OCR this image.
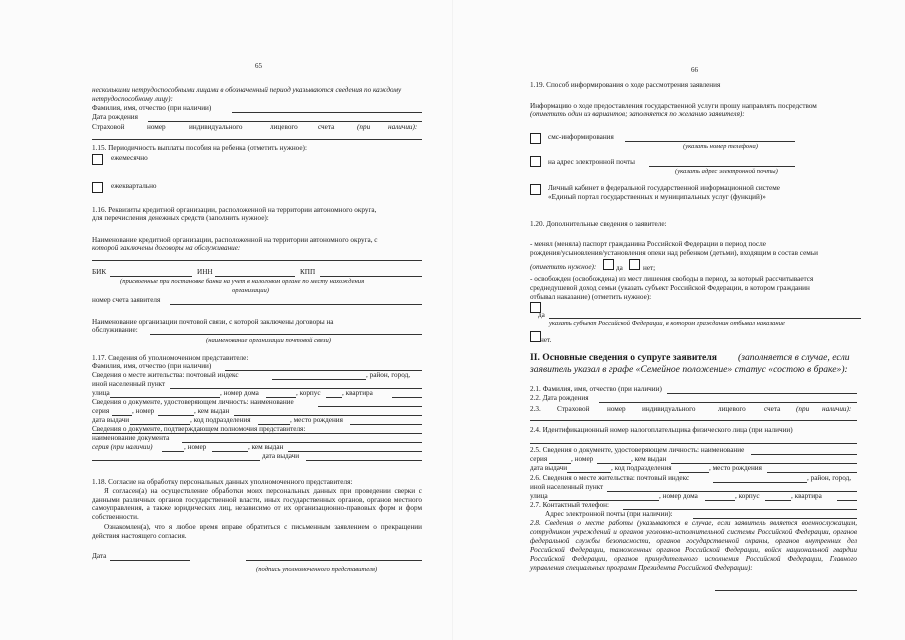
65
несколькими нетрудоспособными лицами в обозначенный период указываются сведения по каждому нетрудоспособному лицу):
Фамилия, имя, отчество (при наличии)
Дата рождения
Страховой	номер	индивидуального	лицевого	счета	(при наличии):
1.15. Периодичность выплаты пособия на ребенка (отметить нужное):
ежемесячно
ежеквартально
1.16. Реквизиты кредитной организации, расположенной на территории автономного округа,
для перечисления денежных средств (заполнить нужное):
Наименование кредитной организации, расположенной на территории автономного округа, с
которой заключены договоры на обслуживание:
БИК	ИНН	КПП
(присвоенные при постановке банка на учет в налоговом органе по месту нахождения
организации)
номер счета заявителя
Наименование организации почтовой связи, с которой заключены договоры на
обслуживание:
(наименование организации почтовой связи)
1.17. Сведения об уполномоченном представителе:
Фамилия, имя, отчество (при наличии)
Сведения о месте жительства: почтовый индекс	, район, город,
иной населенный пункт
улица	, номер дома	, корпус	, квартира
Сведения о документе, удостоверяющем личность: наименование
серия	, номер	, кем выдан
дата выдачи	, код подразделения	, место рождения
Сведения о документе, подтверждающем полномочия представителя:
наименование документа
серия (при наличии)	, номер	, кем выдан
дата выдачи
1.18. Согласие на обработку персональных данных уполномоченного представителя:
Я согласен(а) на осуществление обработки моих персональных данных при проведении сверки с данными различных органов государственной власти, иных государственных органов, органов местного самоуправления, а также юридических лиц, независимо от их организационно-правовых форм и форм собственности.
Ознакомлен(а), что я любое время вправе обратиться с письменным заявлением о прекращении действия настоящего согласия.
Дата
(подпись уполномоченного представителя)
66
1.19. Способ информирования о ходе рассмотрения заявления
Информацию о ходе предоставления государственной услуги прошу направлять посредством
(отметить один из вариантов; заполняется по желанию заявителя):
смс-информирования
(указать номер телефона)
на адрес электронной почты
(указать адрес электронной почты)
Личный кабинет в федеральной государственной информационной системе
«Единый портал государственных и муниципальных услуг (функций)»
1.20. Дополнительные сведения о заявителе:
- менял (меняла) паспорт гражданина Российской Федерации в период после
рождения/усыновления/установления опеки над ребенком (детьми), входящим в состав семьи
(отметить нужное):	да	нет;
- освобожден (освобождена) из мест лишения свободы в период, за который рассчитывается
среднедушевой доход семьи (указать субъект Российской Федерации, в котором гражданин
отбывал наказание) (отметить нужное):
да
указать субъект Российской Федерации, в котором гражданин отбывал наказание
нет.
II. Основные сведения о супруге заявителя (заполняется в случае, если
заявитель указал в графе «Семейное положение» статус «состою в браке»):
2.1. Фамилия, имя, отчество (при наличии)
2.2. Дата рождения
2.3. Страховой номер индивидуального	лицевого	счета (при наличии):
2.4. Идентификационный номер налогоплательщика физического лица (при наличии)
2.5. Сведения о документе, удостоверяющем личность: наименование
серия	, номер	, кем выдан
дата выдачи	, код подразделения	, место рождения
2.6. Сведения о месте жительства: почтовый индекс	, район, город,
иной населенный пункт
улица	, номер дома	, корпус	, квартира
2.7. Контактный телефон:
Адрес электронной почты (при наличии):
2.8. Сведения о месте работы (указываются в случае, если заявитель является военнослужащим, сотрудником учреждений и органов уголовно-исполнительной системы Российской Федерации, органов федеральной службы безопасности, органов государственной охраны, органов внутренних дел Российской Федерации, таможенных органов Российской Федерации, войск национальной гвардии Российской Федерации, органов принудительного исполнения Российской Федерации, Главного управления специальных программ Президента Российской Федерации):
